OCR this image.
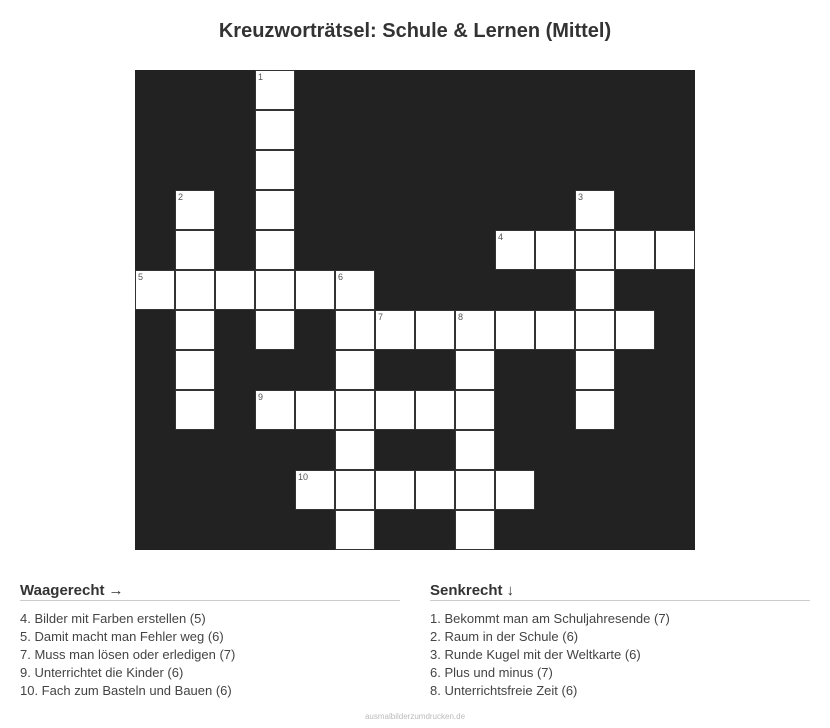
Kreuzworträtsel: Schule & Lernen (Mittel)
1
2	3
4
5	6
7	8
9
10
Waagerecht →
4. Bilder mit Farben erstellen (5)
5. Damit macht man Fehler weg (6)
7. Muss man lösen oder erledigen (7)
9. Unterrichtet die Kinder (6)
10. Fach zum Basteln und Bauen (6)
Senkrecht ↓
1. Bekommt man am Schuljahresende (7)
2. Raum in der Schule (6)
3. Runde Kugel mit der Weltkarte (6)
6. Plus und minus (7)
8. Unterrichtsfreie Zeit (6)
ausmalbilderzumdrucken.de
